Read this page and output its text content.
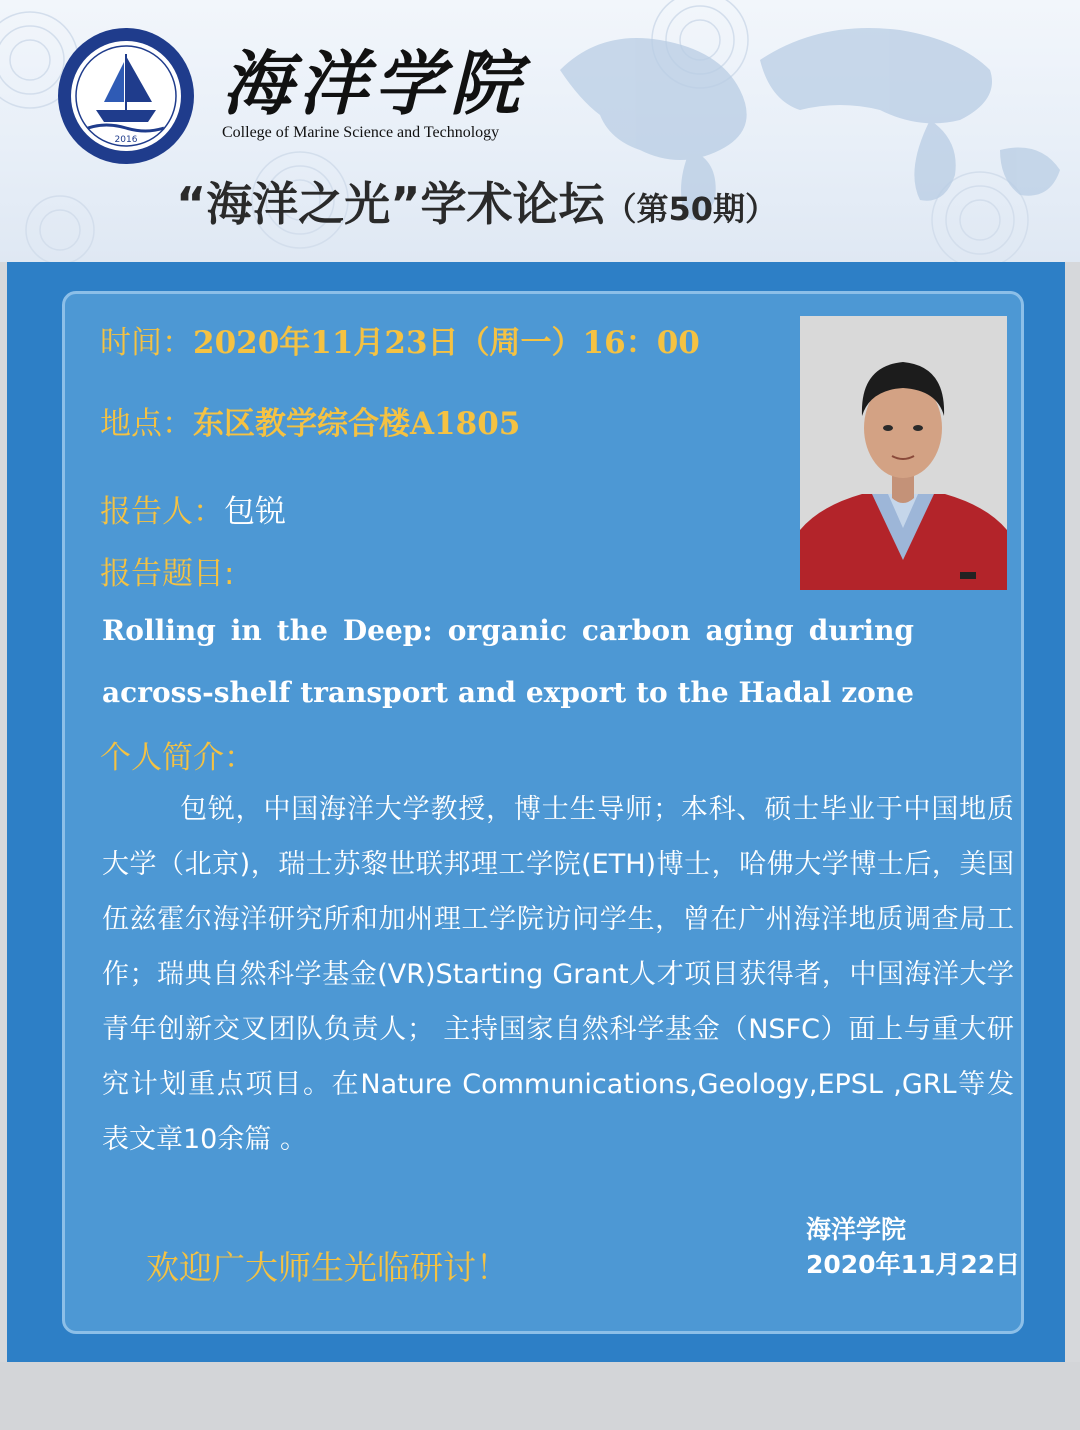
2016
海洋学院
College of Marine Science and Technology
“海洋之光”学术论坛（第50期）
时间：2020年11月23日（周一）16：00
地点：东区教学综合楼A1805
报告人：包锐
报告题目:
Rolling in the Deep: organic carbon aging during
across-shelf transport and export to the Hadal zone
个人简介：

包锐，中国海洋大学教授，博士生导师；本科、硕士毕业于中国地质大学（北京)，瑞士苏黎世联邦理工学院(ETH)博士，哈佛大学博士后，美国伍兹霍尔海洋研究所和加州理工学院访问学生，曾在广州海洋地质调查局工作；瑞典自然科学基金(VR)Starting Grant人才项目获得者，中国海洋大学青年创新交叉团队负责人； 主持国家自然科学基金（NSFC）面上与重大研究计划重点项目。在Nature Communications,Geology,EPSL ,GRL等发表文章10余篇 。

欢迎广大师生光临研讨！
海洋学院
2020年11月22日
